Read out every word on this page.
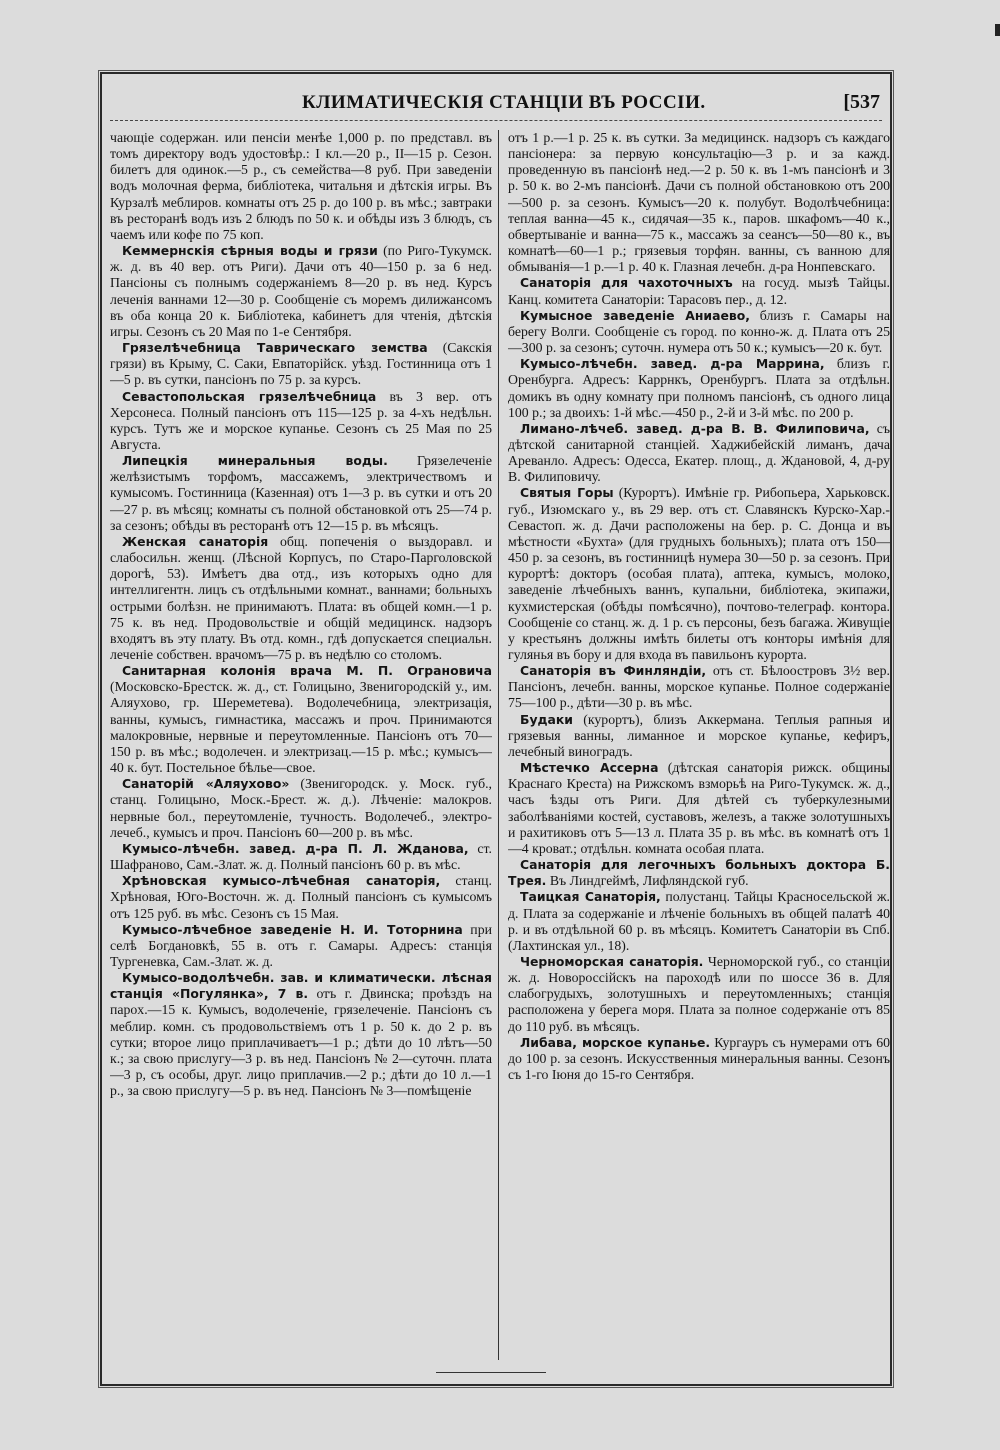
КЛИМАТИЧЕСКІЯ СТАНЦІИ ВЪ РОССІИ.	[537

чающіе содержан. или пенсіи менѣе 1,000 р. по представл. въ томъ директору водъ удостовѣр.: I кл.—20 р., II—15 р. Сезон. билетъ для одинок.—5 р., съ семействa—8 руб. При заведеніи водъ молочная ферма, библіотека, читальня и дѣтскія игры. Въ Курзалѣ меблиров. комнаты отъ 25 р. до 100 р. въ мѣс.; завтраки въ ресторанѣ водъ изъ 2 блюдъ по 50 к. и обѣды изъ 3 блюдъ, съ чаемъ или кофе по 75 коп.

Кеммернскія сѣрныя воды и грязи (по Риго-Тукумск. ж. д. въ 40 вер. отъ Риги). Дачи отъ 40—150 р. за 6 нед. Пансіоны съ полнымъ содержаніемъ 8—20 р. въ нед. Курсъ леченія ваннами 12—30 р. Сообщеніе съ моремъ дилижансомъ въ оба конца 20 к. Библіотека, кабинетъ для чтенія, дѣтскія игры. Сезонъ съ 20 Мая по 1-е Сентября.

Грязелѣчебница Таврическаго земства (Сакскія грязи) въ Крыму, С. Саки, Евпаторійск. уѣзд. Гостинница отъ 1—5 р. въ сутки, пансіонъ по 75 р. за курсъ.

Севастопольская грязелѣчебница въ 3 вер. отъ Херсонеса. Полный пансіонъ отъ 115—125 р. за 4-хъ недѣльн. курсъ. Тутъ же и морское купанье. Сезонъ съ 25 Мая по 25 Августа.

Липецкія минеральныя воды. Грязелеченіе желѣзистымъ торфомъ, массажемъ, электричествомъ и кумысомъ. Гостинница (Казенная) отъ 1—3 р. въ сутки и отъ 20—27 р. въ мѣсяц; комнаты съ полной обстановкой отъ 25—74 р. за сезонъ; обѣды въ ресторанѣ отъ 12—15 р. въ мѣсяцъ.

Женская санаторія общ. попеченія о выздоравл. и слабосильн. женщ. (Лѣсной Корпусъ, по Старо-Парголовской дорогѣ, 53). Имѣетъ два отд., изъ которыхъ одно для интеллигентн. лицъ съ отдѣльными комнат., ваннами; больныхъ острыми болѣзн. не принимаютъ. Плата: въ общей комн.—1 р. 75 к. въ нед. Продовольствіе и общій медицинск. надзоръ входятъ въ эту плату. Въ отд. комн., гдѣ допускается специальн. леченіе собствен. врачомъ—75 р. въ недѣлю со столомъ.

Санитарная колонія врача М. П. Ограновича (Московско-Брестск. ж. д., ст. Голицыно, Звенигородскій у., им. Аляухово, гр. Шереметева). Водолечебница, электризація, ванны, кумысъ, гимнастика, массажъ и проч. Принимаются малокровные, нервные и переутомленные. Пансіонъ отъ 70—150 р. въ мѣс.; водолечен. и электризац.—15 р. мѣс.; кумысъ—40 к. бут. Постельное бѣлье—свое.

Санаторій «Аляухово» (Звенигородск. у. Моск. губ., станц. Голицыно, Моск.-Брест. ж. д.). Лѣченіе: малокров. нервные бол., переутомленіе, тучность. Водолечеб., электро-лечеб., кумысъ и проч. Пансіонъ 60—200 р. въ мѣс.

Кумысо-лѣчебн. завед. д-ра П. Л. Жданова, ст. Шафраново, Сам.-Злат. ж. д. Полный пансіонъ 60 р. въ мѣс.

Хрѣновская кумысо-лѣчебная санаторія, станц. Хрѣновая, Юго-Восточн. ж. д. Полный пансіонъ съ кумысомъ отъ 125 руб. въ мѣс. Сезонъ съ 15 Мая.

Кумысо-лѣчебное заведеніе Н. И. Тоторнина при селѣ Богдановкѣ, 55 в. отъ г. Самары. Адресъ: станція Тургеневка, Сам.-Злат. ж. д.

Кумысо-водолѣчебн. зав. и климатически. лѣсная станція «Погулянка», 7 в. отъ г. Двинска; проѣздъ на пароx.—15 к. Кумысъ, водолеченіе, грязелеченіе. Пансіонъ съ меблир. комн. съ продовольствіемъ отъ 1 р. 50 к. до 2 р. въ сутки; второе лицо приплачиваетъ—1 р.; дѣти до 10 лѣтъ—50 к.; за свою прислугу—3 р. въ нед. Пансіонъ № 2—суточн. плата—3 р, съ особы, друг. лицо приплачив.—2 р.; дѣти до 10 л.—1 р., за свою прислугу—5 р. въ нед. Пансіонъ № 3—помѣщеніе

отъ 1 р.—1 р. 25 к. въ сутки. За медицинск. надзоръ съ каждаго пансіонера: за первую консультацію—3 р. и за кажд. проведенную въ пансіонѣ нед.—2 р. 50 к. въ 1-мъ пансіонѣ и 3 р. 50 к. во 2-мъ пансіонѣ. Дачи съ полной обстановкою отъ 200—500 р. за сезонъ. Кумысъ—20 к. полубут. Водолѣчебница: теплая ванна—45 к., сидячая—35 к., паров. шкафомъ—40 к., обвертываніе и ванна—75 к., массажъ за сеансъ—50—80 к., въ комнатѣ—60—1 р.; грязевыя торфян. ванны, съ ванною для обмыванія—1 р.—1 р. 40 к. Глазная лечебн. д-ра Нонпевскаго.

Санаторія для чахоточныхъ на госуд. мызѣ Тайцы. Канц. комитета Санаторіи: Тарасовъ пер., д. 12.

Кумысное заведеніе Аниаево, близъ г. Самары на берегу Волги. Сообщеніе съ город. по конно-ж. д. Плата отъ 25—300 р. за сезонъ; суточн. нумера отъ 50 к.; кумысъ—20 к. бут.

Кумысо-лѣчебн. завед. д-ра Маррина, близъ г. Оренбурга. Адресъ: Каррнкъ, Оренбургъ. Плата за отдѣльн. домикъ въ одну комнату при полномъ пансіонѣ, съ одного лица 100 р.; за двоихъ: 1-й мѣс.—450 р., 2-й и 3-й мѣс. по 200 р.

Лимано-лѣчеб. завед. д-ра В. В. Филиповича, съ дѣтской санитарной станціей. Хаджибейскій лиманъ, дача Ареванло. Адресъ: Одесса, Екатер. площ., д. Ждановой, 4, д-ру В. Филиповичу.

Святыя Горы (Курортъ). Имѣніе гр. Рибопьера, Харьковск. губ., Изюмскаго у., въ 29 вер. отъ ст. Славянскъ Курско-Хар.-Севастоп. ж. д. Дачи расположены на бер. р. С. Донца и въ мѣстности «Бухта» (для грудныхъ больныхъ); плата отъ 150—450 р. за сезонъ, въ гостинницѣ нумера 30—50 р. за сезонъ. При курортѣ: докторъ (особая плата), аптека, кумысъ, молоко, заведеніе лѣчебныхъ ваннъ, купальни, библіотека, экипажи, кухмистерская (обѣды помѣсячно), почтово-телеграф. контора. Сообщеніе со станц. ж. д. 1 р. съ персоны, безъ багажа. Живущіе у крестьянъ должны имѣть билеты отъ конторы имѣнія для гулянья въ бору и для входа въ павильонъ курорта.

Санаторія въ Финляндіи, отъ ст. Бѣлоостровъ 3½ вер. Пансіонъ, лечебн. ванны, морское купанье. Полное содержаніе 75—100 р., дѣти—30 р. въ мѣс.

Будаки (курортъ), близъ Аккермана. Теплыя рапныя и грязевыя ванны, лиманное и морское купанье, кефиръ, лечебный виноградъ.

Мѣстечко Ассерна (дѣтская санаторія рижск. общины Краснаго Креста) на Рижскомъ взморьѣ на Риго-Тукумск. ж. д., часъ ѣзды отъ Риги. Для дѣтей съ туберкулезными заболѣваніями костей, суставовъ, железъ, а также золотушныхъ и рахитиковъ отъ 5—13 л. Плата 35 р. въ мѣс. въ комнатѣ отъ 1—4 кроват.; отдѣльн. комната особая плата.

Санаторія для легочныхъ больныхъ доктора Б. Трея. Въ Линдгеймѣ, Лифляндской губ.

Таицкая Санаторія, полустанц. Тайцы Красносельской ж. д. Плата за содержаніе и лѣченіе больныхъ въ общей палатѣ 40 р. и въ отдѣльной 60 р. въ мѣсяцъ. Комитетъ Санаторіи въ Спб. (Лахтинская ул., 18).

Черноморская санаторія. Черноморской губ., со станціи ж. д. Новороссійскъ на пароходѣ или по шоссе 36 в. Для слабогрудыхъ, золотушныхъ и переутомленныхъ; станція расположена у берега моря. Плата за полное содержаніе отъ 85 до 110 руб. въ мѣсяцъ.

Либава, морское купанье. Кургауръ съ нумерами отъ 60 до 100 р. за сезонъ. Искусственныя минеральныя ванны. Сезонъ съ 1-го Іюня до 15-го Сентября.
